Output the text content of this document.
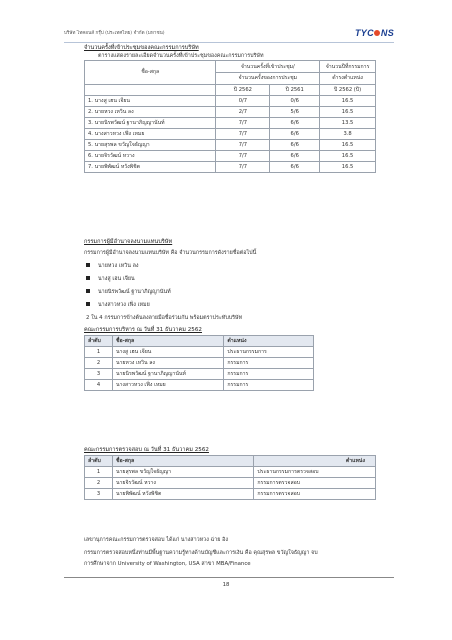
บริษัท ไทคอนส์ กรุ๊ป (ประเทศไทย) จำกัด (มหาชน)	TYC NS
จำนวนครั้งที่เข้าประชุมของคณะกรรมการบริษัท
ตารางแสดงรายละเอียดจำนวนครั้งที่เข้าประชุมของคณะกรรมการบริษัท
ชื่อ-สกุล	จำนวนครั้งที่เข้าประชุม/		จำนวนปีที่กรรมการ
	จำนวนครั้งของการประชุม		ดำรงตำแหน่ง
	ปี 2562	ปี 2561	ปี 2562 (ปี)
1. นางสู เฮน เจียน	0/7	0/6	16.5
2. นายหวง เหวิน ลง	2/7	5/6	16.5
3. นายนิรพวัฒน์ ฐานาภิญญานันท์	7/7	6/6	13.5
4. นางสาวหวง เฟิ่ง เหมย	7/7	6/6	3.8
5. นายสุรพล ขวัญใจธัญญา	7/7	6/6	16.5
6. นายจิรวัฒน์ หวาง	7/7	6/6	16.5
7. นายพิพัฒน์ หวังพิชิต	7/7	6/6	16.5
กรรมการผู้มีอำนาจลงนามแทนบริษัท
กรรมการผู้มีอำนาจลงนามแทนบริษัท คือ จำนวนกรรมการดังรายชื่อต่อไปนี้
นายหวง เหวิน ลง
นางสู เฮน เจียน
นายนิรพวัฒน์ ฐานาภิญญานันท์
นางสาวหวง เฟิ่ง เหมย
2 ใน 4 กรรมการข้างต้นลงลายมือชื่อร่วมกัน พร้อมตราประทับบริษัท
คณะกรรมการบริหาร ณ วันที่ 31 ธันวาคม 2562
ลำดับ	ชื่อ-สกุล	ตำแหน่ง
1	นางสู เฮน เจียน	ประธานกรรมการ
2	นายหวง เหวิน ลง	กรรมการ
3	นายนิรพวัฒน์ ฐานาภิญญานันท์	กรรมการ
4	นางสาวหวง เฟิ่ง เหมย	กรรมการ
คณะกรรมการตรวจสอบ ณ วันที่ 31 ธันวาคม 2562
ลำดับ	ชื่อ-สกุล	ตำแหน่ง
1	นายสุรพล ขวัญใจธัญญา	ประธานกรรมการตรวจสอบ
2	นายจิรวัฒน์ หวาง	กรรมการตรวจสอบ
3	นายพิพัฒน์ หวังพิชิต	กรรมการตรวจสอบ
เลขานุการคณะกรรมการตรวจสอบ ได้แก่ นางสาวหวง ฉ่าย อิง
กรรมการตรวจสอบหนึ่งท่านมีพื้นฐานความรู้ทางด้านบัญชีและการเงิน คือ คุณสุรพล ขวัญใจธัญญา จบ
การศึกษาจาก University of Washington, USA สาขา MBA/Finance
18
